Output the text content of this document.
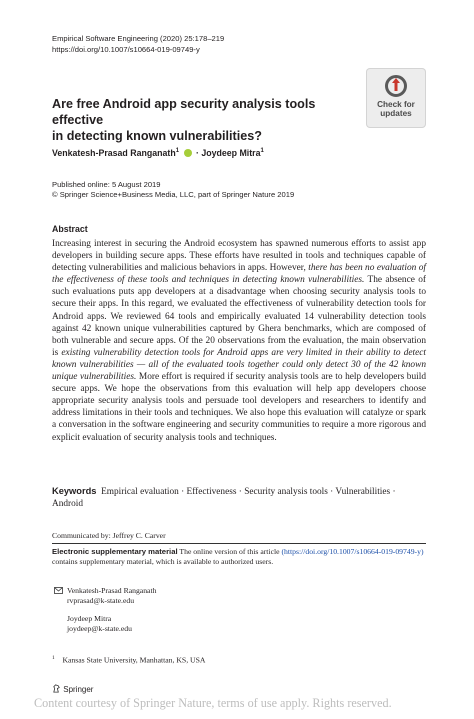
Empirical Software Engineering (2020) 25:178–219
https://doi.org/10.1007/s10664-019-09749-y
Check for
updates
Are free Android app security analysis tools effective
in detecting known vulnerabilities?
Venkatesh-Prasad Ranganath$^1$  · Joydeep Mitra$^1$
Published online: 5 August 2019
© Springer Science+Business Media, LLC, part of Springer Nature 2019
Abstract
Increasing interest in securing the Android ecosystem has spawned numerous efforts to assist app developers in building secure apps. These efforts have resulted in tools and techniques capable of detecting vulnerabilities and malicious behaviors in apps. However, there has been no evaluation of the effectiveness of these tools and techniques in detecting known vulnerabilities. The absence of such evaluations puts app developers at a disadvantage when choosing security analysis tools to secure their apps. In this regard, we evaluated the effectiveness of vulnerability detection tools for Android apps. We reviewed 64 tools and empirically evaluated 14 vulnerability detection tools against 42 known unique vulnerabilities captured by Ghera benchmarks, which are composed of both vulnerable and secure apps. Of the 20 observations from the evaluation, the main observation is existing vulnerability detection tools for Android apps are very limited in their ability to detect known vulnerabilities — all of the evaluated tools together could only detect 30 of the 42 known unique vulnerabilities. More effort is required if security analysis tools are to help developers build secure apps. We hope the observations from this evaluation will help app developers choose appropriate security analysis tools and persuade tool developers and researchers to identify and address limitations in their tools and techniques. We also hope this evaluation will catalyze or spark a conversation in the software engineering and security communities to require a more rigorous and explicit evaluation of security analysis tools and techniques.
Keywords Empirical evaluation · Effectiveness · Security analysis tools · Vulnerabilities · Android
Communicated by: Jeffrey C. Carver
Electronic supplementary material The online version of this article (https://doi.org/10.1007/s10664-019-09749-y) contains supplementary material, which is available to authorized users.
Venkatesh-Prasad Ranganath
rvprasad@k-state.edu
Joydeep Mitra
joydeep@k-state.edu
$^1$ Kansas State University, Manhattan, KS, USA
Springer
Content courtesy of Springer Nature, terms of use apply. Rights reserved.
